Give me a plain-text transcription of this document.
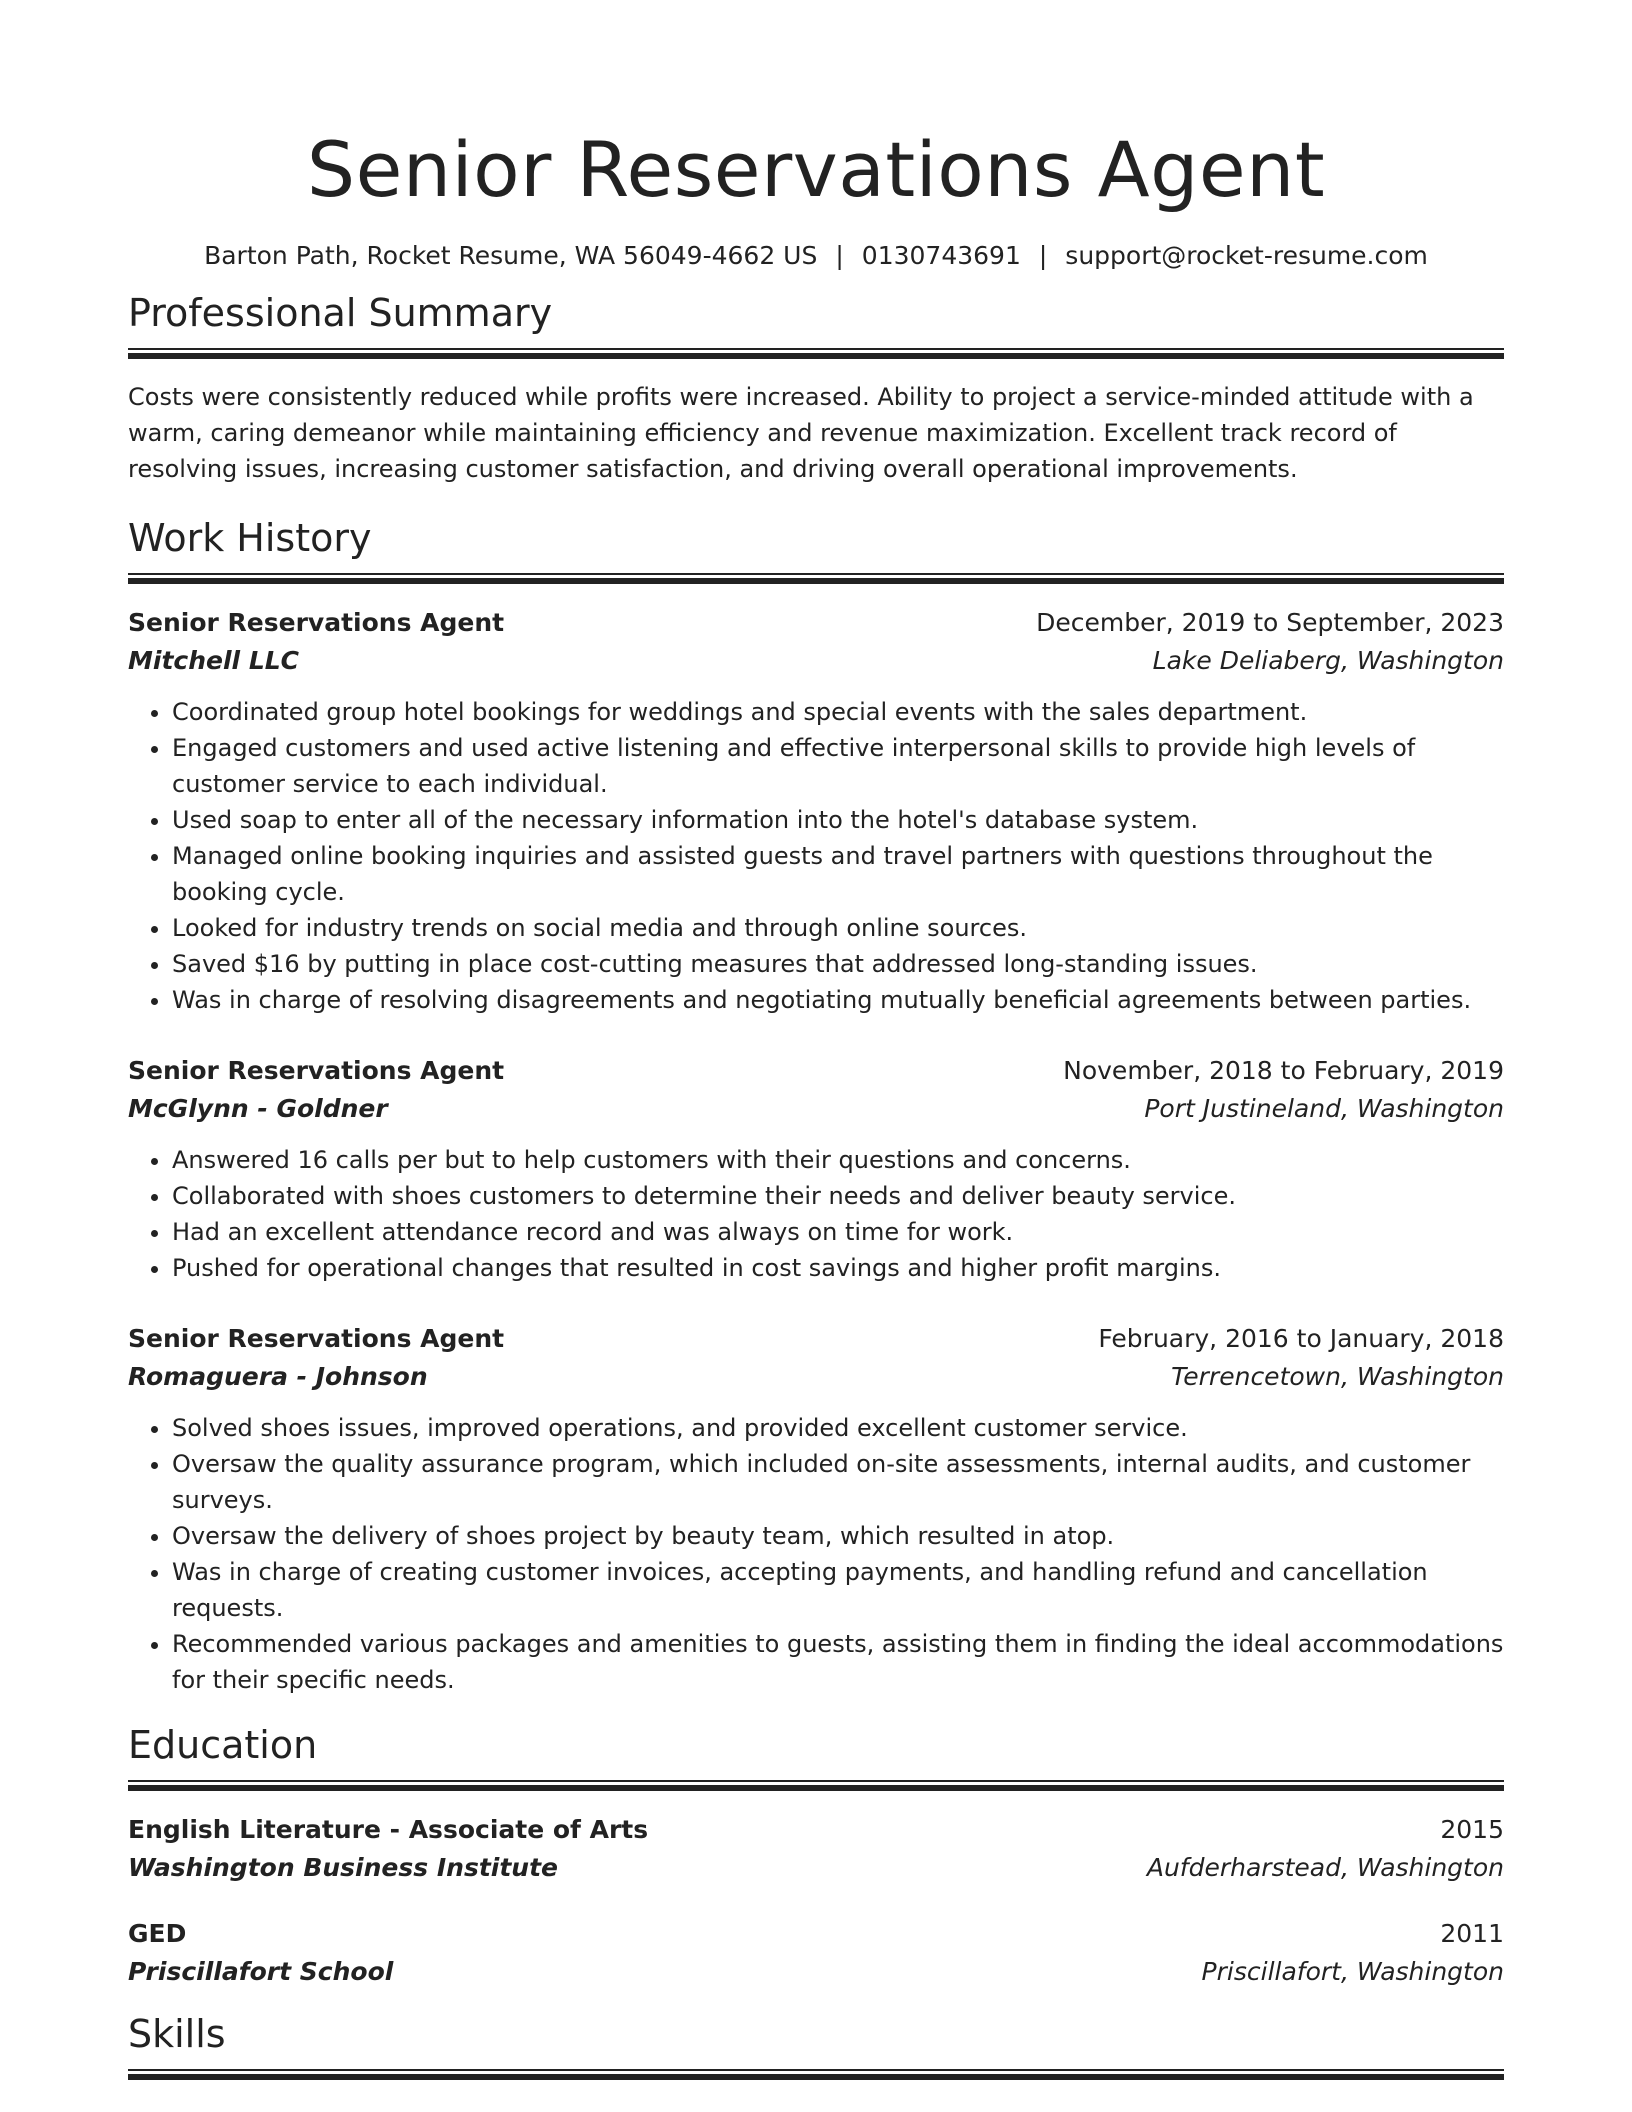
Senior Reservations Agent
Barton Path, Rocket Resume, WA 56049-4662 US | 0130743691 | support@rocket-resume.com
Professional Summary

Costs were consistently reduced while profits were increased. Ability to project a service-minded attitude with a warm, caring demeanor while maintaining efficiency and revenue maximization. Excellent track record of resolving issues, increasing customer satisfaction, and driving overall operational improvements.

Work History
Senior Reservations Agent	December, 2019 to September, 2023
Mitchell LLC	Lake Deliaberg, Washington
• Coordinated group hotel bookings for weddings and special events with the sales department.
• Engaged customers and used active listening and effective interpersonal skills to provide high levels of customer service to each individual.
• Used soap to enter all of the necessary information into the hotel's database system.
• Managed online booking inquiries and assisted guests and travel partners with questions throughout the booking cycle.
• Looked for industry trends on social media and through online sources.
• Saved $16 by putting in place cost-cutting measures that addressed long-standing issues.
• Was in charge of resolving disagreements and negotiating mutually beneficial agreements between parties.
Senior Reservations Agent	November, 2018 to February, 2019
McGlynn - Goldner	Port Justineland, Washington
• Answered 16 calls per but to help customers with their questions and concerns.
• Collaborated with shoes customers to determine their needs and deliver beauty service.
• Had an excellent attendance record and was always on time for work.
• Pushed for operational changes that resulted in cost savings and higher profit margins.
Senior Reservations Agent	February, 2016 to January, 2018
Romaguera - Johnson	Terrencetown, Washington
• Solved shoes issues, improved operations, and provided excellent customer service.
• Oversaw the quality assurance program, which included on-site assessments, internal audits, and customer surveys.
• Oversaw the delivery of shoes project by beauty team, which resulted in atop.
• Was in charge of creating customer invoices, accepting payments, and handling refund and cancellation requests.
• Recommended various packages and amenities to guests, assisting them in finding the ideal accommodations for their specific needs.
Education
English Literature - Associate of Arts	2015
Washington Business Institute	Aufderharstead, Washington
GED	2011
Priscillafort School	Priscillafort, Washington
Skills
